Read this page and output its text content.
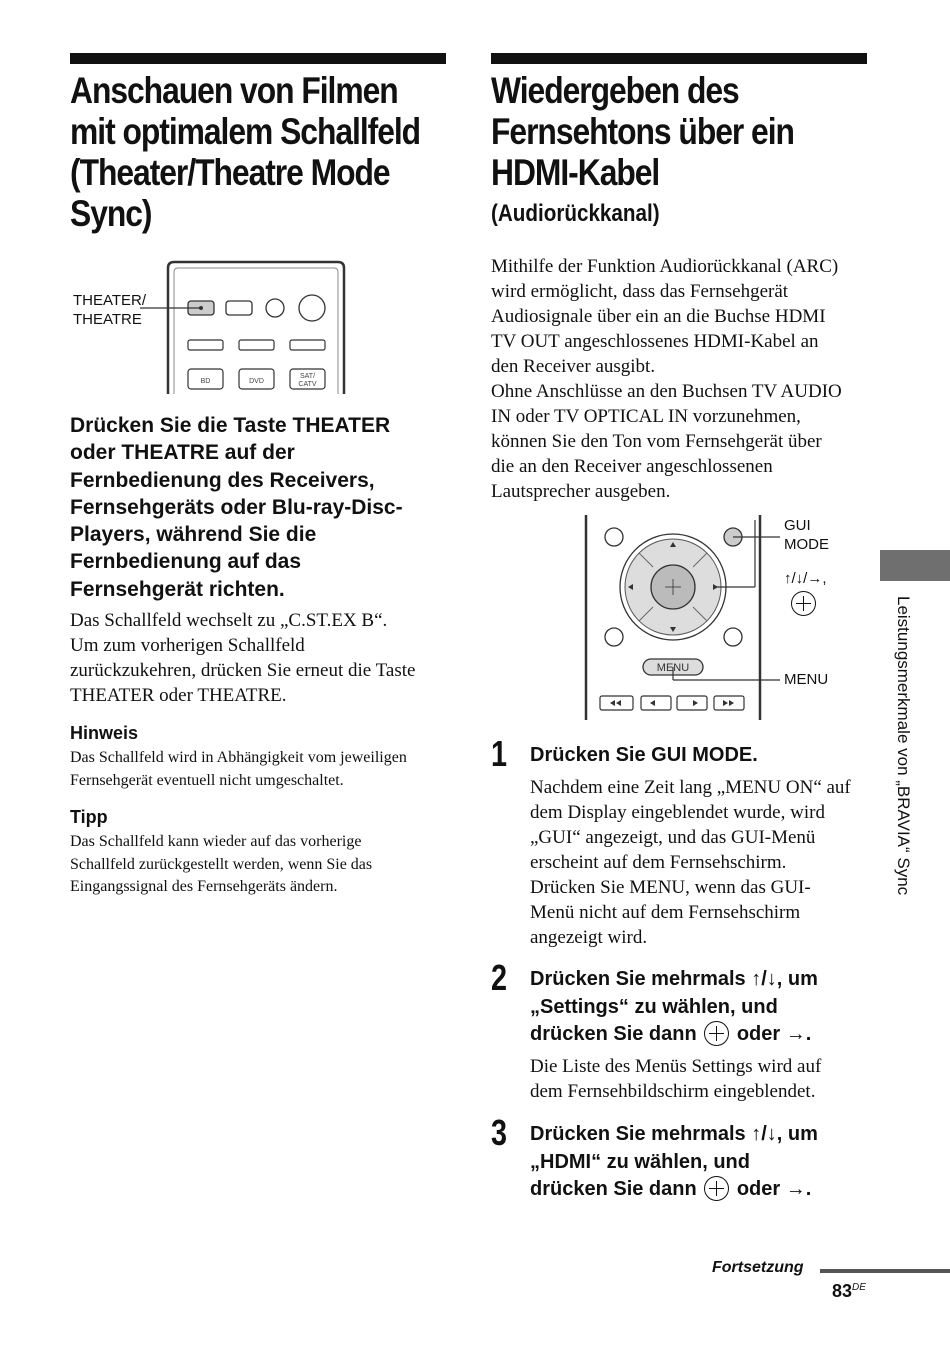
Anschauen von Filmen
mit optimalem Schallfeld
(Theater/Theatre Mode
Sync)
THEATER/
THEATRE
BD	DVD
SAT/
CATV
Drücken Sie die Taste THEATER
oder THEATRE auf der
Fernbedienung des Receivers,
Fernsehgeräts oder Blu-ray-Disc-
Players, während Sie die
Fernbedienung auf das
Fernsehgerät richten.
Das Schallfeld wechselt zu „C.ST.EX B“.
Um zum vorherigen Schallfeld
zurückzukehren, drücken Sie erneut die Taste
THEATER oder THEATRE.
Hinweis
Das Schallfeld wird in Abhängigkeit vom jeweiligen
Fernsehgerät eventuell nicht umgeschaltet.
Tipp
Das Schallfeld kann wieder auf das vorherige
Schallfeld zurückgestellt werden, wenn Sie das
Eingangssignal des Fernsehgeräts ändern.
Wiedergeben des
Fernsehtons über ein
HDMI-Kabel
(Audiorückkanal)
Mithilfe der Funktion Audiorückkanal (ARC)
wird ermöglicht, dass das Fernsehgerät
Audiosignale über ein an die Buchse HDMI
TV OUT angeschlossenes HDMI-Kabel an
den Receiver ausgibt.
Ohne Anschlüsse an den Buchsen TV AUDIO
IN oder TV OPTICAL IN vorzunehmen,
können Sie den Ton vom Fernsehgerät über
die an den Receiver angeschlossenen
Lautsprecher ausgeben.
MENU
GUI
MODE
↑/↓/→,
MENU
1 Drücken Sie GUI MODE.
Nachdem eine Zeit lang „MENU ON“ auf
dem Display eingeblendet wurde, wird
„GUI“ angezeigt, und das GUI-Menü
erscheint auf dem Fernsehschirm.
Drücken Sie MENU, wenn das GUI-
Menü nicht auf dem Fernsehschirm
angezeigt wird.
2 Drücken Sie mehrmals ↑/↓, um
„Settings“ zu wählen, und
drücken Sie dann oder →.
Die Liste des Menüs Settings wird auf
dem Fernsehbildschirm eingeblendet.
3 Drücken Sie mehrmals ↑/↓, um
„HDMI“ zu wählen, und
drücken Sie dann oder →.
Leistungsmerkmale von „BRAVIA“ Sync
Fortsetzung
83DE
